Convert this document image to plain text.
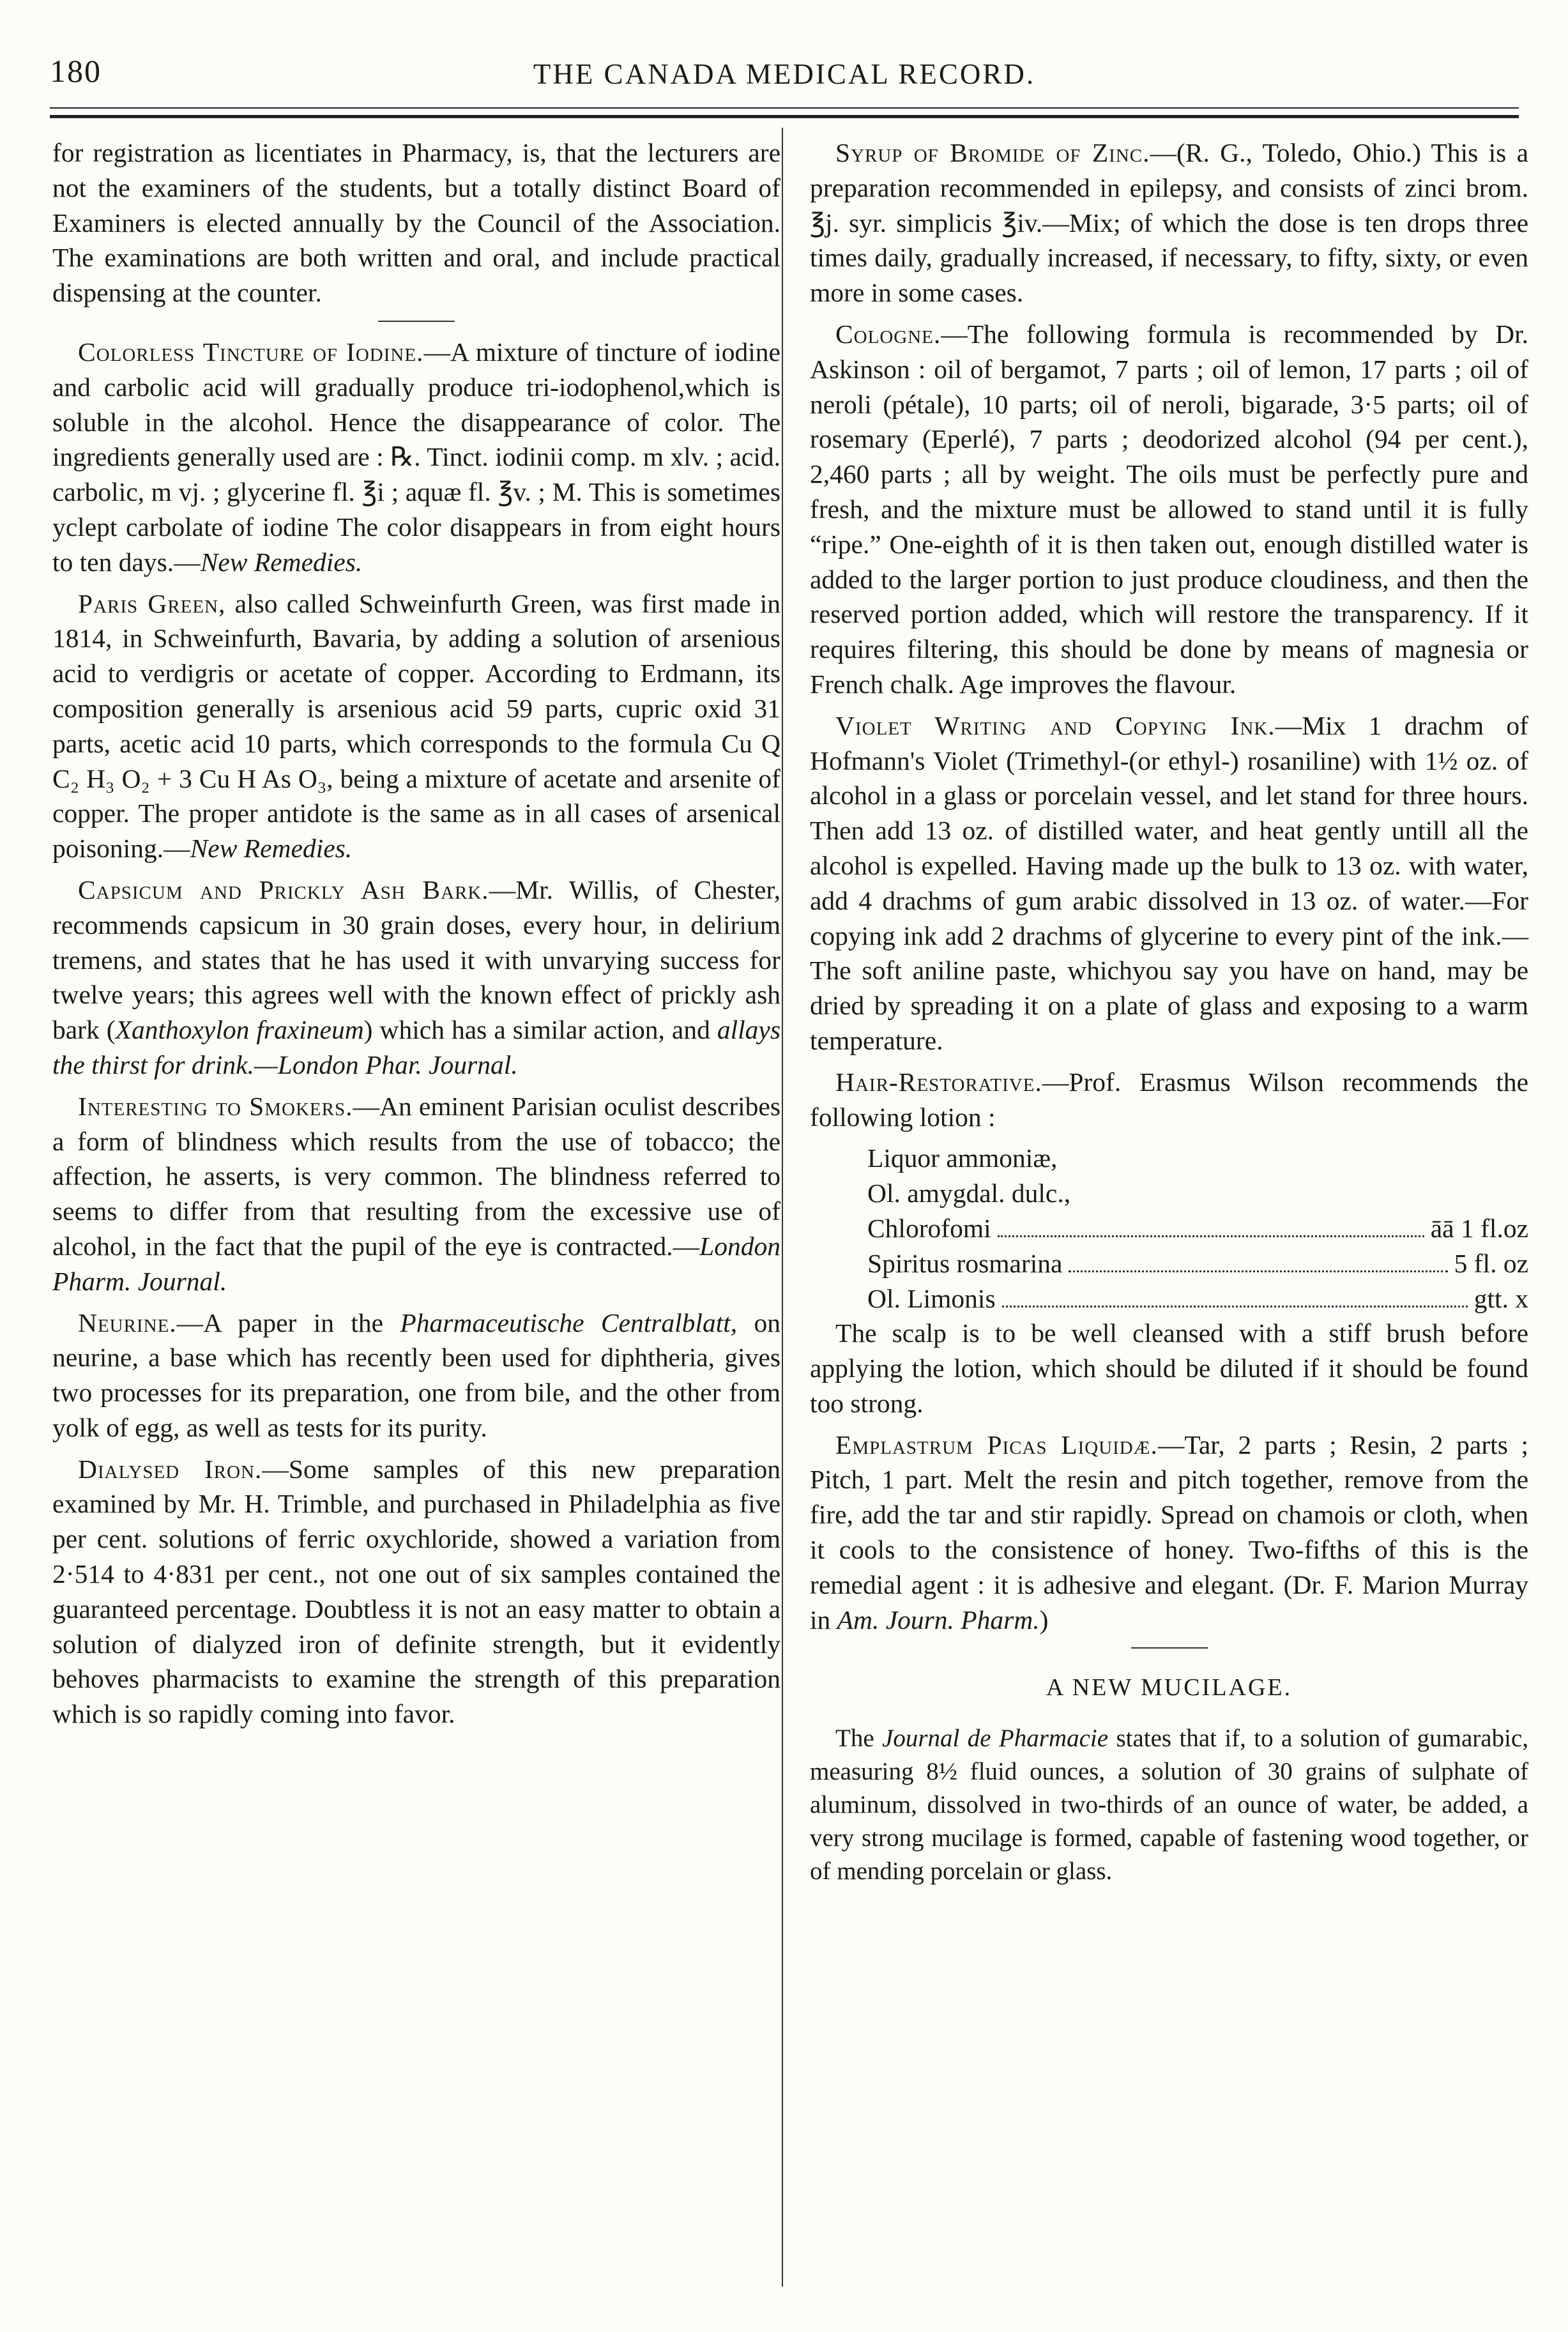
180	THE CANADA MEDICAL RECORD.

for registration as licentiates in Pharmacy, is, that the lecturers are not the examiners of the students, but a totally distinct Board of Examiners is elected annually by the Council of the Association. The examinations are both written and oral, and include practical dispensing at the counter.

Colorless Tincture of Iodine.—A mixture of tincture of iodine and carbolic acid will gradually produce tri-iodophenol,which is soluble in the alcohol. Hence the disappearance of color. The ingredients generally used are : ℞. Tinct. iodinii comp. m xlv. ; acid. carbolic, m vj. ; glycerine fl. ℥i ; aquæ fl. ℥v. ; M. This is sometimes yclept carbolate of iodine The color disappears in from eight hours to ten days.—New Remedies.

Paris Green, also called Schweinfurth Green, was first made in 1814, in Schweinfurth, Bavaria, by adding a solution of arsenious acid to verdigris or acetate of copper. According to Erdmann, its composition generally is arsenious acid 59 parts, cupric oxid 31 parts, acetic acid 10 parts, which corresponds to the formula Cu Q C₂ H₃ O₂ + 3 Cu H As O₃, being a mixture of acetate and arsenite of copper. The proper antidote is the same as in all cases of arsenical poisoning.—New Remedies.

Capsicum and Prickly Ash Bark.—Mr. Willis, of Chester, recommends capsicum in 30 grain doses, every hour, in delirium tremens, and states that he has used it with unvarying success for twelve years; this agrees well with the known effect of prickly ash bark (Xanthoxylon fraxineum) which has a similar action, and allays the thirst for drink.—London Phar. Journal.

Interesting to Smokers.—An eminent Parisian oculist describes a form of blindness which results from the use of tobacco; the affection, he asserts, is very common. The blindness referred to seems to differ from that resulting from the excessive use of alcohol, in the fact that the pupil of the eye is contracted.—London Pharm. Journal.

Neurine.—A paper in the Pharmaceutische Centralblatt, on neurine, a base which has recently been used for diphtheria, gives two processes for its preparation, one from bile, and the other from yolk of egg, as well as tests for its purity.

Dialysed Iron.—Some samples of this new preparation examined by Mr. H. Trimble, and purchased in Philadelphia as five per cent. solutions of ferric oxychloride, showed a variation from 2·514 to 4·831 per cent., not one out of six samples contained the guaranteed percentage. Doubtless it is not an easy matter to obtain a solution of dialyzed iron of definite strength, but it evidently behoves pharmacists to examine the strength of this preparation which is so rapidly coming into favor.

Syrup of Bromide of Zinc.—(R. G., Toledo, Ohio.) This is a preparation recommended in epilepsy, and consists of zinci brom. ℥j. syr. simplicis ℥iv.—Mix; of which the dose is ten drops three times daily, gradually increased, if necessary, to fifty, sixty, or even more in some cases.

Cologne.—The following formula is recommended by Dr. Askinson : oil of bergamot, 7 parts ; oil of lemon, 17 parts ; oil of neroli (pétale), 10 parts; oil of neroli, bigarade, 3·5 parts; oil of rosemary (Eperlé), 7 parts ; deodorized alcohol (94 per cent.), 2,460 parts ; all by weight. The oils must be perfectly pure and fresh, and the mixture must be allowed to stand until it is fully “ripe.” One-eighth of it is then taken out, enough distilled water is added to the larger portion to just produce cloudiness, and then the reserved portion added, which will restore the transparency. If it requires filtering, this should be done by means of magnesia or French chalk. Age improves the flavour.

Violet Writing and Copying Ink.—Mix 1 drachm of Hofmann's Violet (Trimethyl-(or ethyl-) rosaniline) with 1½ oz. of alcohol in a glass or porcelain vessel, and let stand for three hours. Then add 13 oz. of distilled water, and heat gently untill all the alcohol is expelled. Having made up the bulk to 13 oz. with water, add 4 drachms of gum arabic dissolved in 13 oz. of water.—For copying ink add 2 drachms of glycerine to every pint of the ink.—The soft aniline paste, whichyou say you have on hand, may be dried by spreading it on a plate of glass and exposing to a warm temperature.

Hair-Restorative.—Prof. Erasmus Wilson recommends the following lotion :

Liquor ammoniæ,
Ol. amygdal. dulc.,
Chlorofomi	āā 1 fl.oz
Spiritus rosmarina	5 fl. oz
Ol. Limonis	gtt. x

The scalp is to be well cleansed with a stiff brush before applying the lotion, which should be diluted if it should be found too strong.

Emplastrum Picas Liquidæ.—Tar, 2 parts ; Resin, 2 parts ; Pitch, 1 part. Melt the resin and pitch together, remove from the fire, add the tar and stir rapidly. Spread on chamois or cloth, when it cools to the consistence of honey. Two-fifths of this is the remedial agent : it is adhesive and elegant. (Dr. F. Marion Murray in Am. Journ. Pharm.)

A NEW MUCILAGE.

The Journal de Pharmacie states that if, to a solution of gumarabic, measuring 8½ fluid ounces, a solution of 30 grains of sulphate of aluminum, dissolved in two-thirds of an ounce of water, be added, a very strong mucilage is formed, capable of fastening wood together, or of mending porcelain or glass.
